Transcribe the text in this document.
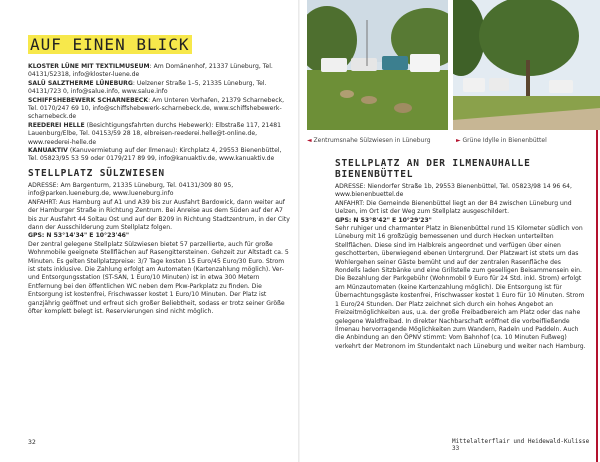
AUF EINEN BLICK

KLOSTER LÜNE MIT TEXTILMUSEUM: Am Domänenhof, 21337 Lüneburg, Tel. 04131/52318, info@kloster-luene.de

SALÜ SALZTHERME LÜNEBURG: Uelzener Straße 1–5, 21335 Lüneburg, Tel. 04131/723 0, info@salue.info, www.salue.info

SCHIFFSHEBEWERK SCHARNEBECK: Am Unteren Vorhafen, 21379 Scharnebeck, Tel. 0170/247 69 10, info@schiffshebewerk-scharnebeck.de, www.schiffshebewerk-scharnebeck.de

REEDEREI HELLE (Besichtigungsfahrten durchs Hebewerk): Elbstraße 117, 21481 Lauenburg/Elbe, Tel. 04153/59 28 18, elbreisen-reederei.helle@t-online.de, www.reederei-helle.de

KANUAKTIV (Kanuvermietung auf der Ilmenau): Kirchplatz 4, 29553 Bienenbüttel, Tel. 05823/95 53 59 oder 0179/217 89 99, info@kanuaktiv.de, www.kanuaktiv.de

STELLPLATZ SÜLZWIESEN

ADRESSE: Am Bargenturm, 21335 Lüneburg, Tel. 04131/309 80 95, info@parken.lueneburg.de, www.lueneburg.info

ANFAHRT: Aus Hamburg auf A1 und A39 bis zur Ausfahrt Bardowick, dann weiter auf der Hamburger Straße in Richtung Zentrum. Bei Anreise aus dem Süden auf der A7 bis zur Ausfahrt 44 Soltau Ost und auf der B209 in Richtung Stadtzentrum, in der City dann der Ausschilderung zum Stellplatz folgen.

GPS: N 53°14'34" E 10°23'46"

Der zentral gelegene Stellplatz Sülzwiesen bietet 57 parzellierte, auch für große Wohnmobile geeignete Stellflächen auf Rasengittersteinen. Gehzeit zur Altstadt ca. 5 Minuten. Es gelten Stellplatzpreise: 3/7 Tage kosten 15 Euro/45 Euro/30 Euro. Strom ist stets inklusive. Die Zahlung erfolgt am Automaten (Kartenzahlung möglich). Ver- und Entsorgungsstation (ST-SAN, 1 Euro/10 Minuten) ist in etwa 300 Metern Entfernung bei den öffentlichen WC neben dem Pkw-Parkplatz zu finden. Die Entsorgung ist kostenfrei, Frischwasser kostet 1 Euro/10 Minuten. Der Platz ist ganzjährig geöffnet und erfreut sich großer Beliebtheit, sodass er trotz seiner Größe öfter komplett belegt ist. Reservierungen sind nicht möglich.

32
◄ Zentrumsnahe Sülzwiesen in Lüneburg	► Grüne Idylle in Bienenbüttel
STELLPLATZ AN DER ILMENAUHALLE
BIENENBÜTTEL

ADRESSE: Niendorfer Straße 1b, 29553 Bienenbüttel, Tel. 05823/98 14 96 64, www.bienenbuettel.de

ANFAHRT: Die Gemeinde Bienenbüttel liegt an der B4 zwischen Lüneburg und Uelzen, im Ort ist der Weg zum Stellplatz ausgeschildert.

GPS: N 53°8'42" E 10°29'23"

Sehr ruhiger und charmanter Platz in Bienenbüttel rund 15 Kilometer südlich von Lüneburg mit 16 großzügig bemessenen und durch Hecken unterteilten Stellflächen. Diese sind im Halbkreis angeordnet und verfügen über einen geschotterten, überwiegend ebenen Untergrund. Der Platzwart ist stets um das Wohlergehen seiner Gäste bemüht und auf der zentralen Rasenfläche des Rondells laden Sitzbänke und eine Grillstelle zum geselligen Beisammensein ein. Die Bezahlung der Parkgebühr (Wohnmobil 9 Euro für 24 Std. inkl. Strom) erfolgt am Münzautomaten (keine Kartenzahlung möglich). Die Entsorgung ist für Übernachtungsgäste kostenfrei, Frischwasser kostet 1 Euro für 10 Minuten. Strom 1 Euro/24 Stunden. Der Platz zeichnet sich durch ein hohes Angebot an Freizeitmöglichkeiten aus, u.a. der große Freibadbereich am Platz oder das nahe gelegene Waldfreibad. In direkter Nachbarschaft eröffnet die vorbeifließende Ilmenau hervorragende Möglichkeiten zum Wandern, Radeln und Paddeln. Auch die Anbindung an den ÖPNV stimmt: Vom Bahnhof (ca. 10 Minuten Fußweg) verkehrt der Metronom im Stundentakt nach Lüneburg und weiter nach Hamburg.

Mittelalterflair und Heidewald-Kulisse 33
